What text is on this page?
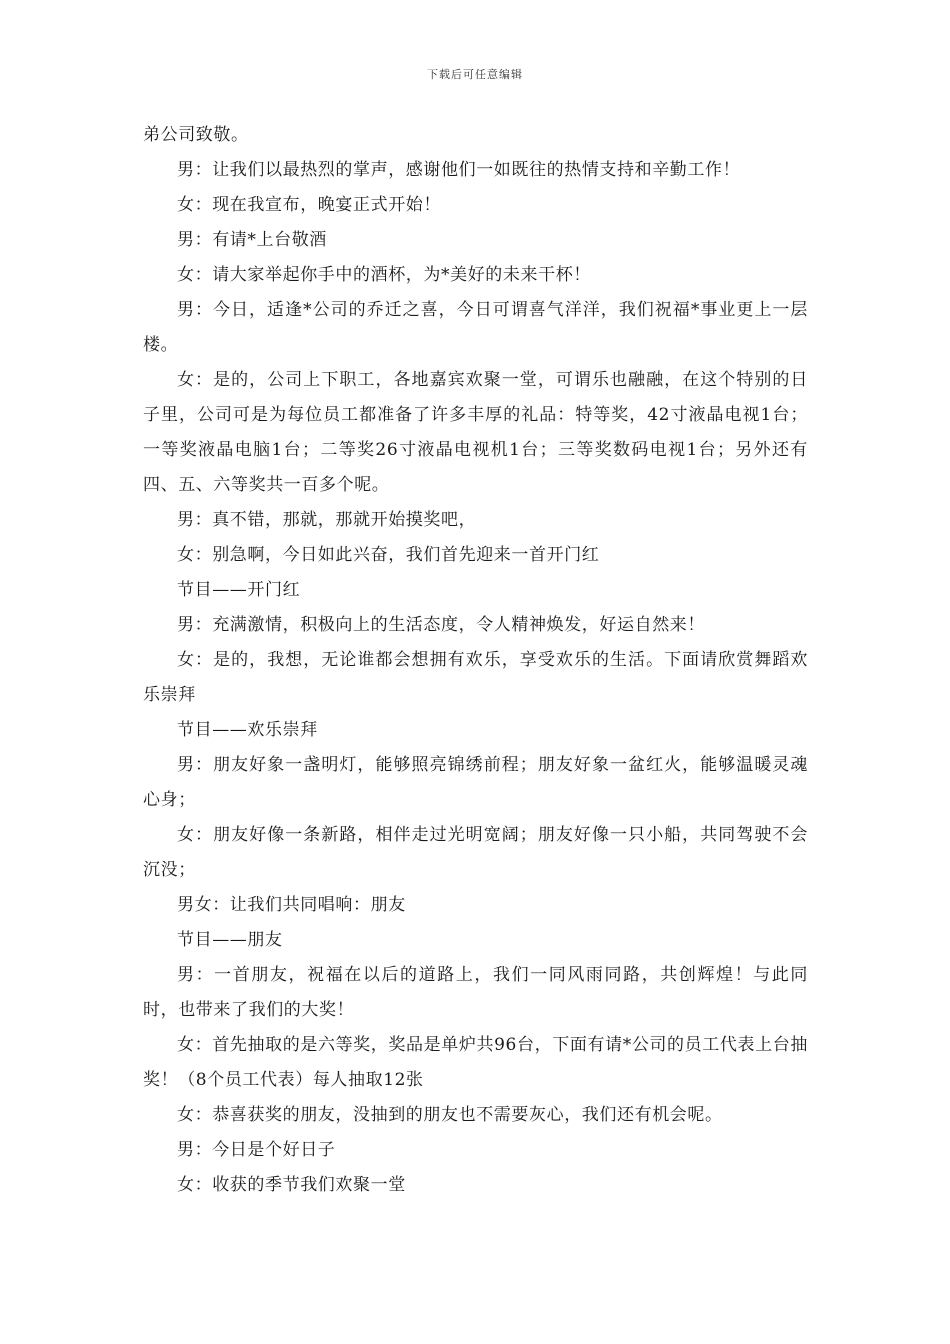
下载后可任意编辑

弟公司致敬。

男：让我们以最热烈的掌声，感谢他们一如既往的热情支持和辛勤工作！

女：现在我宣布，晚宴正式开始！

男：有请*上台敬酒

女：请大家举起你手中的酒杯，为*美好的未来干杯！

男：今日，适逢*公司的乔迁之喜，今日可谓喜气洋洋，我们祝福*事业更上一层楼。

女：是的，公司上下职工，各地嘉宾欢聚一堂，可谓乐也融融，在这个特别的日子里，公司可是为每位员工都准备了许多丰厚的礼品：特等奖，42寸液晶电视1台；一等奖液晶电脑1台；二等奖26寸液晶电视机1台；三等奖数码电视1台；另外还有四、五、六等奖共一百多个呢。

男：真不错，那就，那就开始摸奖吧，

女：别急啊，今日如此兴奋，我们首先迎来一首开门红

节目——开门红

男：充满激情，积极向上的生活态度，令人精神焕发，好运自然来！

女：是的，我想，无论谁都会想拥有欢乐，享受欢乐的生活。下面请欣赏舞蹈欢乐崇拜

节目——欢乐崇拜

男：朋友好象一盏明灯，能够照亮锦绣前程；朋友好象一盆红火，能够温暖灵魂心身；

女：朋友好像一条新路，相伴走过光明宽阔；朋友好像一只小船，共同驾驶不会沉没；

男女：让我们共同唱响：朋友

节目——朋友

男：一首朋友，祝福在以后的道路上，我们一同风雨同路，共创辉煌！与此同时，也带来了我们的大奖！

女：首先抽取的是六等奖，奖品是单炉共96台，下面有请*公司的员工代表上台抽奖！（8个员工代表）每人抽取12张

女：恭喜获奖的朋友，没抽到的朋友也不需要灰心，我们还有机会呢。

男：今日是个好日子

女：收获的季节我们欢聚一堂
